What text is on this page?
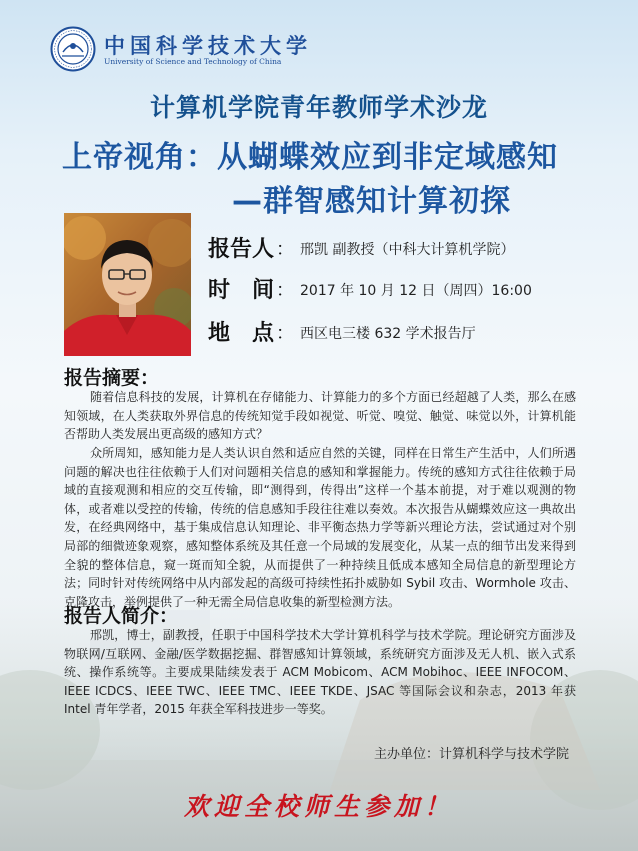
中国科学技术大学
University of Science and Technology of China
计算机学院青年教师学术沙龙
上帝视角：从蝴蝶效应到非定域感知
—群智感知计算初探
报告人 ： 邢凯 副教授（中科大计算机学院）
时　间 ： 2017 年 10 月 12 日（周四）16:00
地　点 ： 西区电三楼 632 学术报告厅
报告摘要：

随着信息科技的发展，计算机在存储能力、计算能力的多个方面已经超越了人类，那么在感知领域，在人类获取外界信息的传统知觉手段如视觉、听觉、嗅觉、触觉、味觉以外，计算机能否帮助人类发展出更高级的感知方式？

众所周知，感知能力是人类认识自然和适应自然的关键，同样在日常生产生活中，人们所遇问题的解决也往往依赖于人们对问题相关信息的感知和掌握能力。传统的感知方式往往依赖于局域的直接观测和相应的交互传输，即“测得到，传得出”这样一个基本前提，对于难以观测的物体，或者难以受控的传输，传统的信息感知手段往往难以奏效。本次报告从蝴蝶效应这一典故出发，在经典网络中，基于集成信息认知理论、非平衡态热力学等新兴理论方法，尝试通过对个别局部的细微迹象观察，感知整体系统及其任意一个局域的发展变化，从某一点的细节出发来得到全貌的整体信息，窥一斑而知全貌，从而提供了一种持续且低成本感知全局信息的新型理论方法；同时针对传统网络中从内部发起的高级可持续性拓扑威胁如 Sybil 攻击、Wormhole 攻击、克隆攻击，举例提供了一种无需全局信息收集的新型检测方法。

报告人简介：

邢凯，博士，副教授，任职于中国科学技术大学计算机科学与技术学院。理论研究方面涉及物联网/互联网、金融/医学数据挖掘、群智感知计算领域，系统研究方面涉及无人机、嵌入式系统、操作系统等。主要成果陆续发表于 ACM Mobicom、ACM Mobihoc、IEEE INFOCOM、IEEE ICDCS、IEEE TWC、IEEE TMC、IEEE TKDE、JSAC 等国际会议和杂志，2013 年获 Intel 青年学者，2015 年获全军科技进步一等奖。

主办单位：计算机科学与技术学院
欢迎全校师生参加！
